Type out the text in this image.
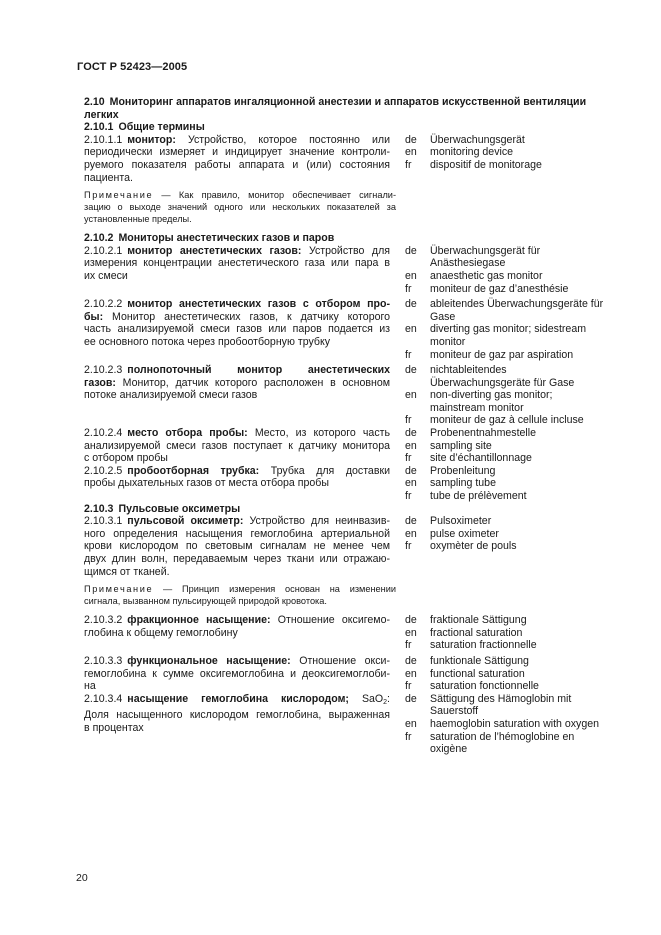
ГОСТ Р 52423—2005
2.10 Мониторинг аппаратов ингаляционной анестезии и аппаратов искусственной вентиляции легких
2.10.1 Общие термины
2.10.1.1 монитор: Устройство, которое постоянно или
периодически измеряет и индицирует значение контроли-
руемого показателя работы аппарата и (или) состояния
пациента.
de	Überwachungsgerät
en	monitoring device
fr	dispositif de monitorage
Примечание — Как правило, монитор обеспечивает сигнали-
зацию о выходе значений одного или нескольких показателей за
установленные пределы.
2.10.2 Мониторы анестетических газов и паров
2.10.2.1 монитор анестетических газов: Устройство для
измерения концентрации анестетического газа или пара в
их смеси
de	Überwachungsgerät für
Anästhesiegase
en	anaesthetic gas monitor
fr	moniteur de gaz d’anesthésie
2.10.2.2 монитор анестетических газов с отбором про-
бы: Монитор анестетических газов, к датчику которого
часть анализируемой смеси газов или паров подается из
ее основного потока через пробоотборную трубку
de	ableitendes Überwachungsgeräte für
Gase
en	diverting gas monitor; sidestream
monitor
fr	moniteur de gaz par aspiration
2.10.2.3 полнопоточный монитор анестетических
газов: Монитор, датчик которого расположен в основном
потоке анализируемой смеси газов
de	nichtableitendes
Überwachungsgeräte für Gase
en	non-diverting gas monitor;
mainstream monitor
fr	moniteur de gaz à cellule incluse
2.10.2.4 место отбора пробы: Место, из которого часть
анализируемой смеси газов поступает к датчику монитора
с отбором пробы
de	Probenentnahmestelle
en	sampling site
fr	site d’échantillonnage
2.10.2.5 пробоотборная трубка: Трубка для доставки
пробы дыхательных газов от места отбора пробы
de	Probenleitung
en	sampling tube
fr	tube de prélèvement
2.10.3 Пульсовые оксиметры
2.10.3.1 пульсовой оксиметр: Устройство для неинвазив-
ного определения насыщения гемоглобина артериальной
крови кислородом по световым сигналам не менее чем
двух длин волн, передаваемым через ткани или отражаю-
щимся от тканей.
de	Pulsoximeter
en	pulse oximeter
fr	oxymèter de pouls
Примечание — Принцип измерения основан на изменении
сигнала, вызванном пульсирующей природой кровотока.
2.10.3.2 фракционное насыщение: Отношение оксигемо-
глобина к общему гемоглобину
de	fraktionale Sättigung
en	fractional saturation
fr	saturation fractionnelle
2.10.3.3 функциональное насыщение: Отношение окси-
гемоглобина к сумме оксигемоглобина и деоксигемоглоби-
на
de	funktionale Sättigung
en	functional saturation
fr	saturation fonctionnelle
2.10.3.4 насыщение гемоглобина кислородом; SaO$_2$:
Доля насыщенного кислородом гемоглобина, выраженная
в процентах
de	Sättigung des Hämoglobin mit
Sauerstoff
en	haemoglobin saturation with oxygen
fr	saturation de l’hémoglobine en
oxigène
20
